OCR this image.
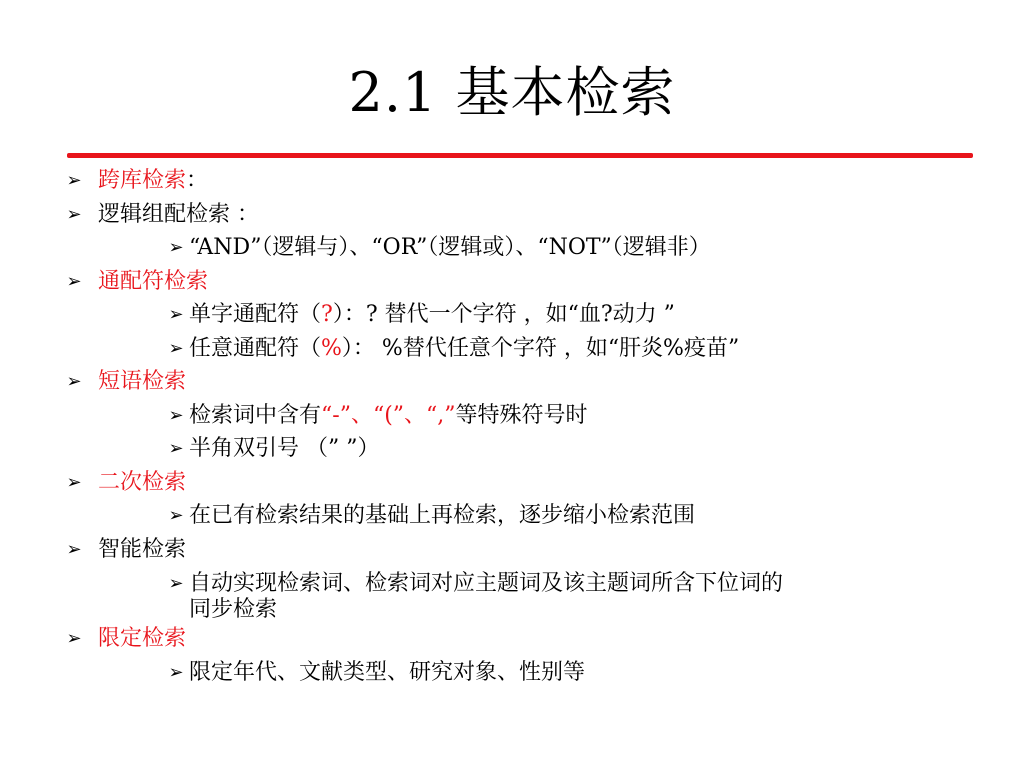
2.1 基本检索
➢ 跨库检索：
➢ 逻辑组配检索 ：
➢ “AND”（逻辑与）、“OR”（逻辑或）、“NOT”（逻辑非）
➢ 通配符检索
➢ 单字通配符（?）：? 替代一个字符 ，如“血?动力 ”
➢ 任意通配符（%）： %替代任意个字符 ，如“肝炎%疫苗”
➢ 短语检索
➢ 检索词中含有“-”、“(”、“,”等特殊符号时
➢ 半角双引号 （” ”）
➢ 二次检索
➢ 在已有检索结果的基础上再检索，逐步缩小检索范围
➢ 智能检索
➢ 自动实现检索词、检索词对应主题词及该主题词所含下位词的
同步检索
➢ 限定检索
➢ 限定年代、文献类型、研究对象、性别等
